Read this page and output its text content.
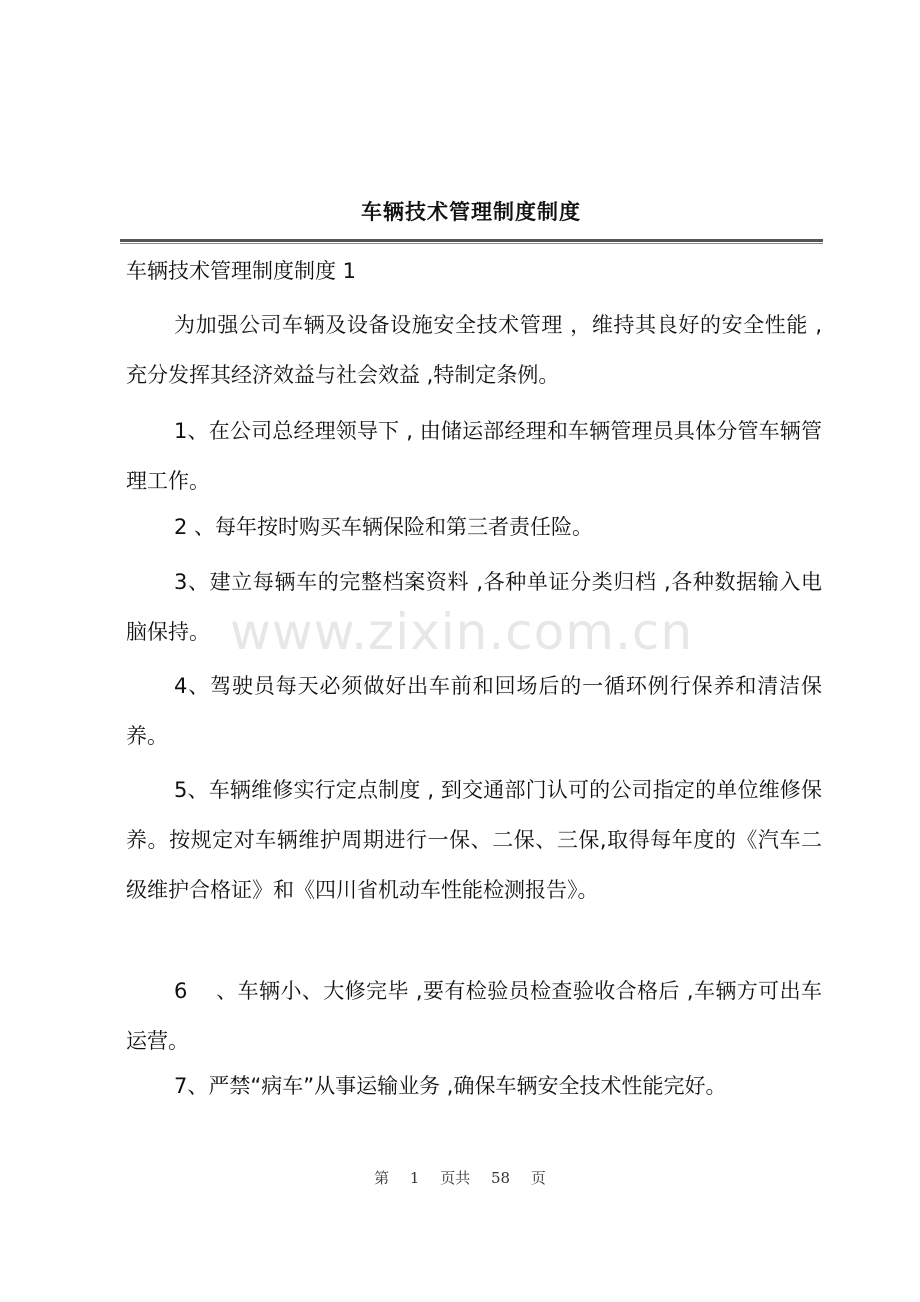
车辆技术管理制度制度
车辆技术管理制度制度 1

为加强公司车辆及设备设施安全技术管理 ，维持其良好的安全性能 ,充分发挥其经济效益与社会效益 ,特制定条例。

1、在公司总经理领导下 , 由储运部经理和车辆管理员具体分管车辆管理工作。

2 、每年按时购买车辆保险和第三者责任险。

3、建立每辆车的完整档案资料 ,各种单证分类归档 ,各种数据输入电脑保持。

4、驾驶员每天必须做好出车前和回场后的一循环例行保养和清洁保养。

5、车辆维修实行定点制度 , 到交通部门认可的公司指定的单位维修保养。按规定对车辆维护周期进行一保、二保、三保,取得每年度的《汽车二级维护合格证》和《四川省机动车性能检测报告》。

6　 、车辆小、大修完毕 ,要有检验员检查验收合格后 ,车辆方可出车运营。

7、严禁“病车”从事运输业务 ,确保车辆安全技术性能完好。

www.zixin.com.cn
第 1 页共 58 页
